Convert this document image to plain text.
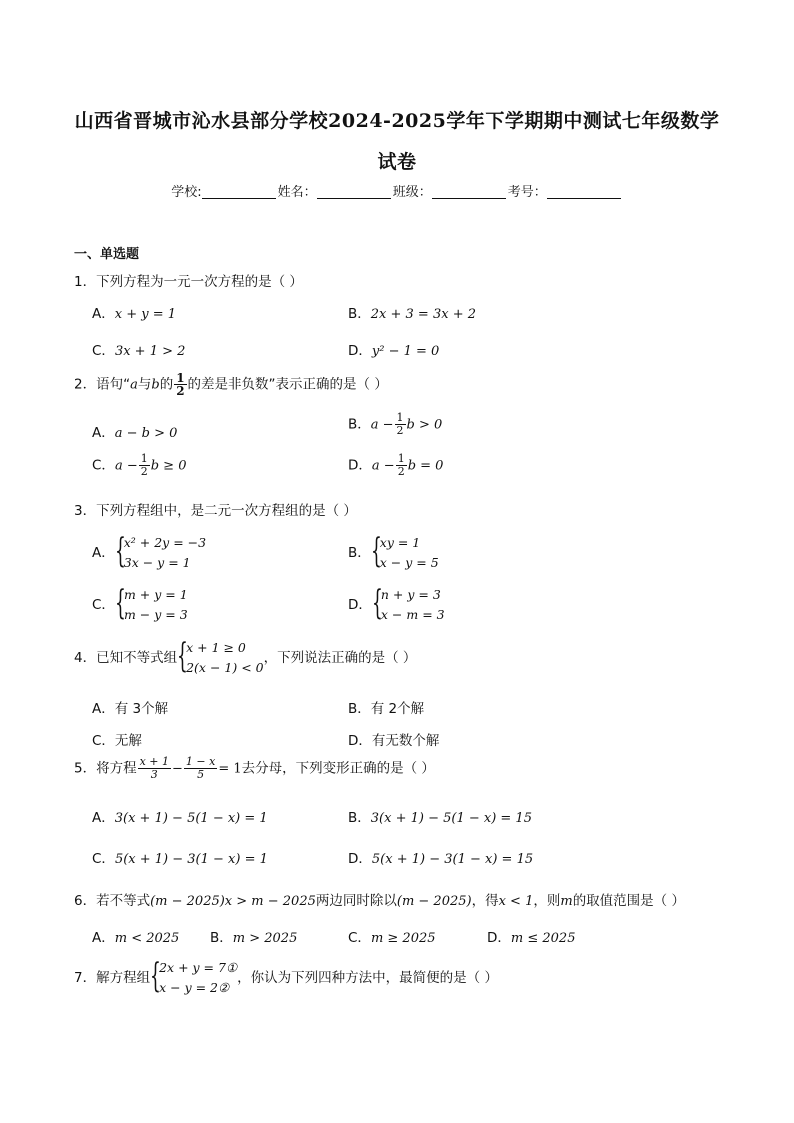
山西省晋城市沁水县部分学校2024-2025学年下学期期中测试七年级数学
试卷
学校:	姓名：	班级：	考号：
一、单选题
1．下列方程为一元一次方程的是（ ）
A．x + y = 1	B．2x + 3 = 3x + 2
C．3x + 1 > 2	D．y² − 1 = 0
2．语句“a与b的 $\frac{1}{2}$ 的差是非负数”表示正确的是（ ）
A．a − b > 0
B．$a - \frac{1}{2}$ b > 0
C．$a - \frac{1}{2}$ b ≥ 0	D．$a - \frac{1}{2}$ b = 0
3．下列方程组中，是二元一次方程组的是（ ）
A． {
x² + 2y = −3
3x − y = 1
B． {
xy = 1
x − y = 5
C． {
m + y = 1
m − y = 3
D． {
n + y = 3
x − m = 3
4．已知不等式组 {
x + 1 ≥ 0
2(x − 1) < 0
，下列说法正确的是（ ）
A．有 3个解	B．有 2个解
C．无解	D．有无数个解
5．将方程 $\frac{x + 1}{3} - \frac{1 - x}{5} = 1$去分母，下列变形正确的是（ ）
A．3(x + 1) − 5(1 − x) = 1	B．3(x + 1) − 5(1 − x) = 15
C．5(x + 1) − 3(1 − x) = 1	D．5(x + 1) − 3(1 − x) = 15
6．若不等式(m − 2025)x > m − 2025两边同时除以(m − 2025)，得x < 1，则m的取值范围是（ ）
A．m < 2025 B．m > 2025	C．m ≥ 2025	D．m ≤ 2025
7．解方程组 {
2x + y = 7①
x − y = 2②
，你认为下列四种方法中，最简便的是（ ）
